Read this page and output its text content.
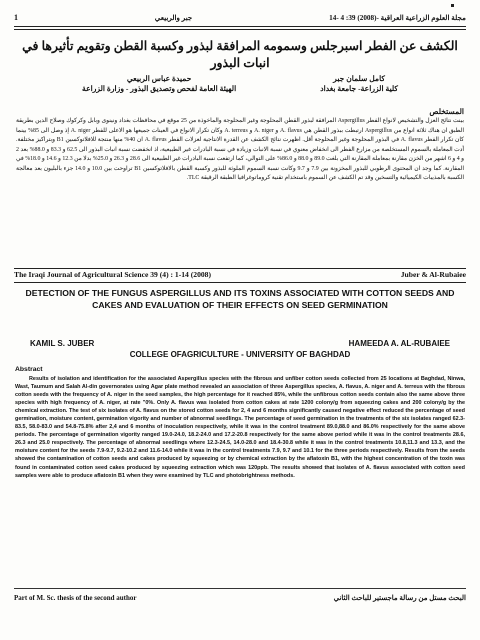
مجلة العلوم الزراعية العراقية -(2008) 39: 4 -14
جبر والربيعي
1
الكشف عن الفطر اسبرجلس وسمومه المرافقة لبذور وكسبة القطن وتقويم تأثيرها في انبات البذور
كامل سلمان جبر
كلية الزراعة- جامعة بغداد
حميدة عباس الربيعي
الهيئة العامة لفحص وتصديق البذور - وزارة الزراعة
المستخلص
بينت نتائج العزل والتشخيص لانواع الفطر Aspergillus المرافقة لبذور القطن المحلوجة وغير المحلوجة والمأخوذة من 25 موقع في محافظات بغداد ونينوى وبابل وكركوك وصلاح الدين بطريقة الطبق ان هناك ثلاثة انواع من Aspergillus ارتبطت ببذور القطن هي A. flavus و A. niger و A. terreus وكان تكرار الانواع في العينات جميعها هو الاعلى للفطر A. niger إذ وصل الى 85% بينما كان تكرار الفطر A. flavus في البذور المحلوجة وغير المحلوجة أقل. اظهرت نتائج الكشف عن القدرة الانتاجية لعزلات الفطر A. flavus ان 40% منها منتجة للافلاتوكسين B1 وبتراكيز مختلفة. أدت المعاملة بالسموم المستخلصة من مزارع الفطر الى انخفاض معنوي في نسبة الانبات وزيادة في نسبة البادرات غير الطبيعية، اذ انخفضت نسبة انبات البذور الى 62.5 و 83.3 و 88.0% بعد 2 و 4 و 6 اشهر من الخزن مقارنة بمعاملة المقارنة التي بلغت 89.0 و 88.0 و 86.0% على التوالي، كما ارتفعت نسبة البادرات غير الطبيعية الى 28.6 و 26.3 و 25.0% بدلا من 12.3 و 14.6 و 18.0% في المقارنة. كما وجد ان المحتوى الرطوبي للبذور المخزونة بين 7.9 و 9.7 وكانت نسبة السموم الملوثة للبذور وكسبة القطن بالافلاتوكسين B1 تراوحت بين 10.0 و 14.0 جزء بالبليون بعد معالجة الكسبة بالمذيبات الكيميائية والتسخين وقد تم الكشف عن السموم باستخدام تقنية كروماتوغرافيا الطبقة الرقيقة TLC.
The Iraqi Journal of Agricultural Science 39 (4) : 1-14 (2008)	Juber & Al-Rubaiee
DETECTION OF THE FUNGUS ASPERGILLUS AND ITS TOXINS ASSOCIATED WITH COTTON SEEDS AND CAKES AND EVALUATION OF THEIR EFFECTS ON SEED GERMINATION
KAMIL S. JUBER	HAMEEDA A. AL-RUBAIEE
COLLEGE OFAGRICULTURE - UNIVERSITY OF BAGHDAD
Abstract
Results of isolation and identification for the associated Aspergillus species with the fibrous and unfiber cotton seeds collected from 25 locations at Baghdad, Ninwa, Wast, Taumum and Salah Al-din governorates using Agar plate method revealed an association of three Aspergillus species, A. flavus, A. niger and A. terreus with the fibrous cotton seeds with the frequency of A. niger in the seed samples, the high percentage for it reached 85%, while the unfibrous cotton seeds contain also the same above three species with high frequency of A. niger, at rate "0%. Only A. flavus was isolated from cotton cakes at rate 1200 colony/g from squeezing cakes and 200 colony/g by the chemical extraction. The test of six isolates of A. flavus on the stored cotton seeds for 2, 4 and 6 months significantly caused negative effect reduced the percentage of seed germination, moisture content, germination vigority and number of abnormal seedlings. The percentage of seed germination in the treatments of the six isolates ranged 62.3-83.5, 58.0-83.0 and 54.8-75.8% after 2,4 and 6 months of inoculation respectively, while it was in the control treatment 89.0,88.0 and 86.0% respectively for the same above periods. The percentage of germination vigority ranged 19.0-24.0, 18.2-24.0 and 17.2-20.8 respectively for the same above period while it was in the control treatments 28.6, 26.3 and 25.0 respectively. The percentage of abnormal seedlings where 12.3-24.5, 14.0-28.0 and 18.4-30.8 while it was in the control treatments 10.8,11.3 and 13.3, and the moisture content for the seeds 7.9-9.7, 9.2-10.2 and 11.6-14.0 while it was in the control treatments 7.9, 9.7 and 10.1 for the three periods respectively. Results from the seeds showed the contamination of cotton seeds and cakes produced by squeezing or by chemical extraction by the aflatoxin B1, with the highest concentration of the toxin was found in contaminated cotton seed cakes produced by squeezing extraction which was 120ppb. The results showed that isolates of A. flavus associated with cotton seed samples were able to produce aflatoxin B1 when they were examined by TLC and photobrightness methods.
Part of M. Sc. thesis of the second author	البحث مستل من رسالة ماجستير للباحث الثاني
